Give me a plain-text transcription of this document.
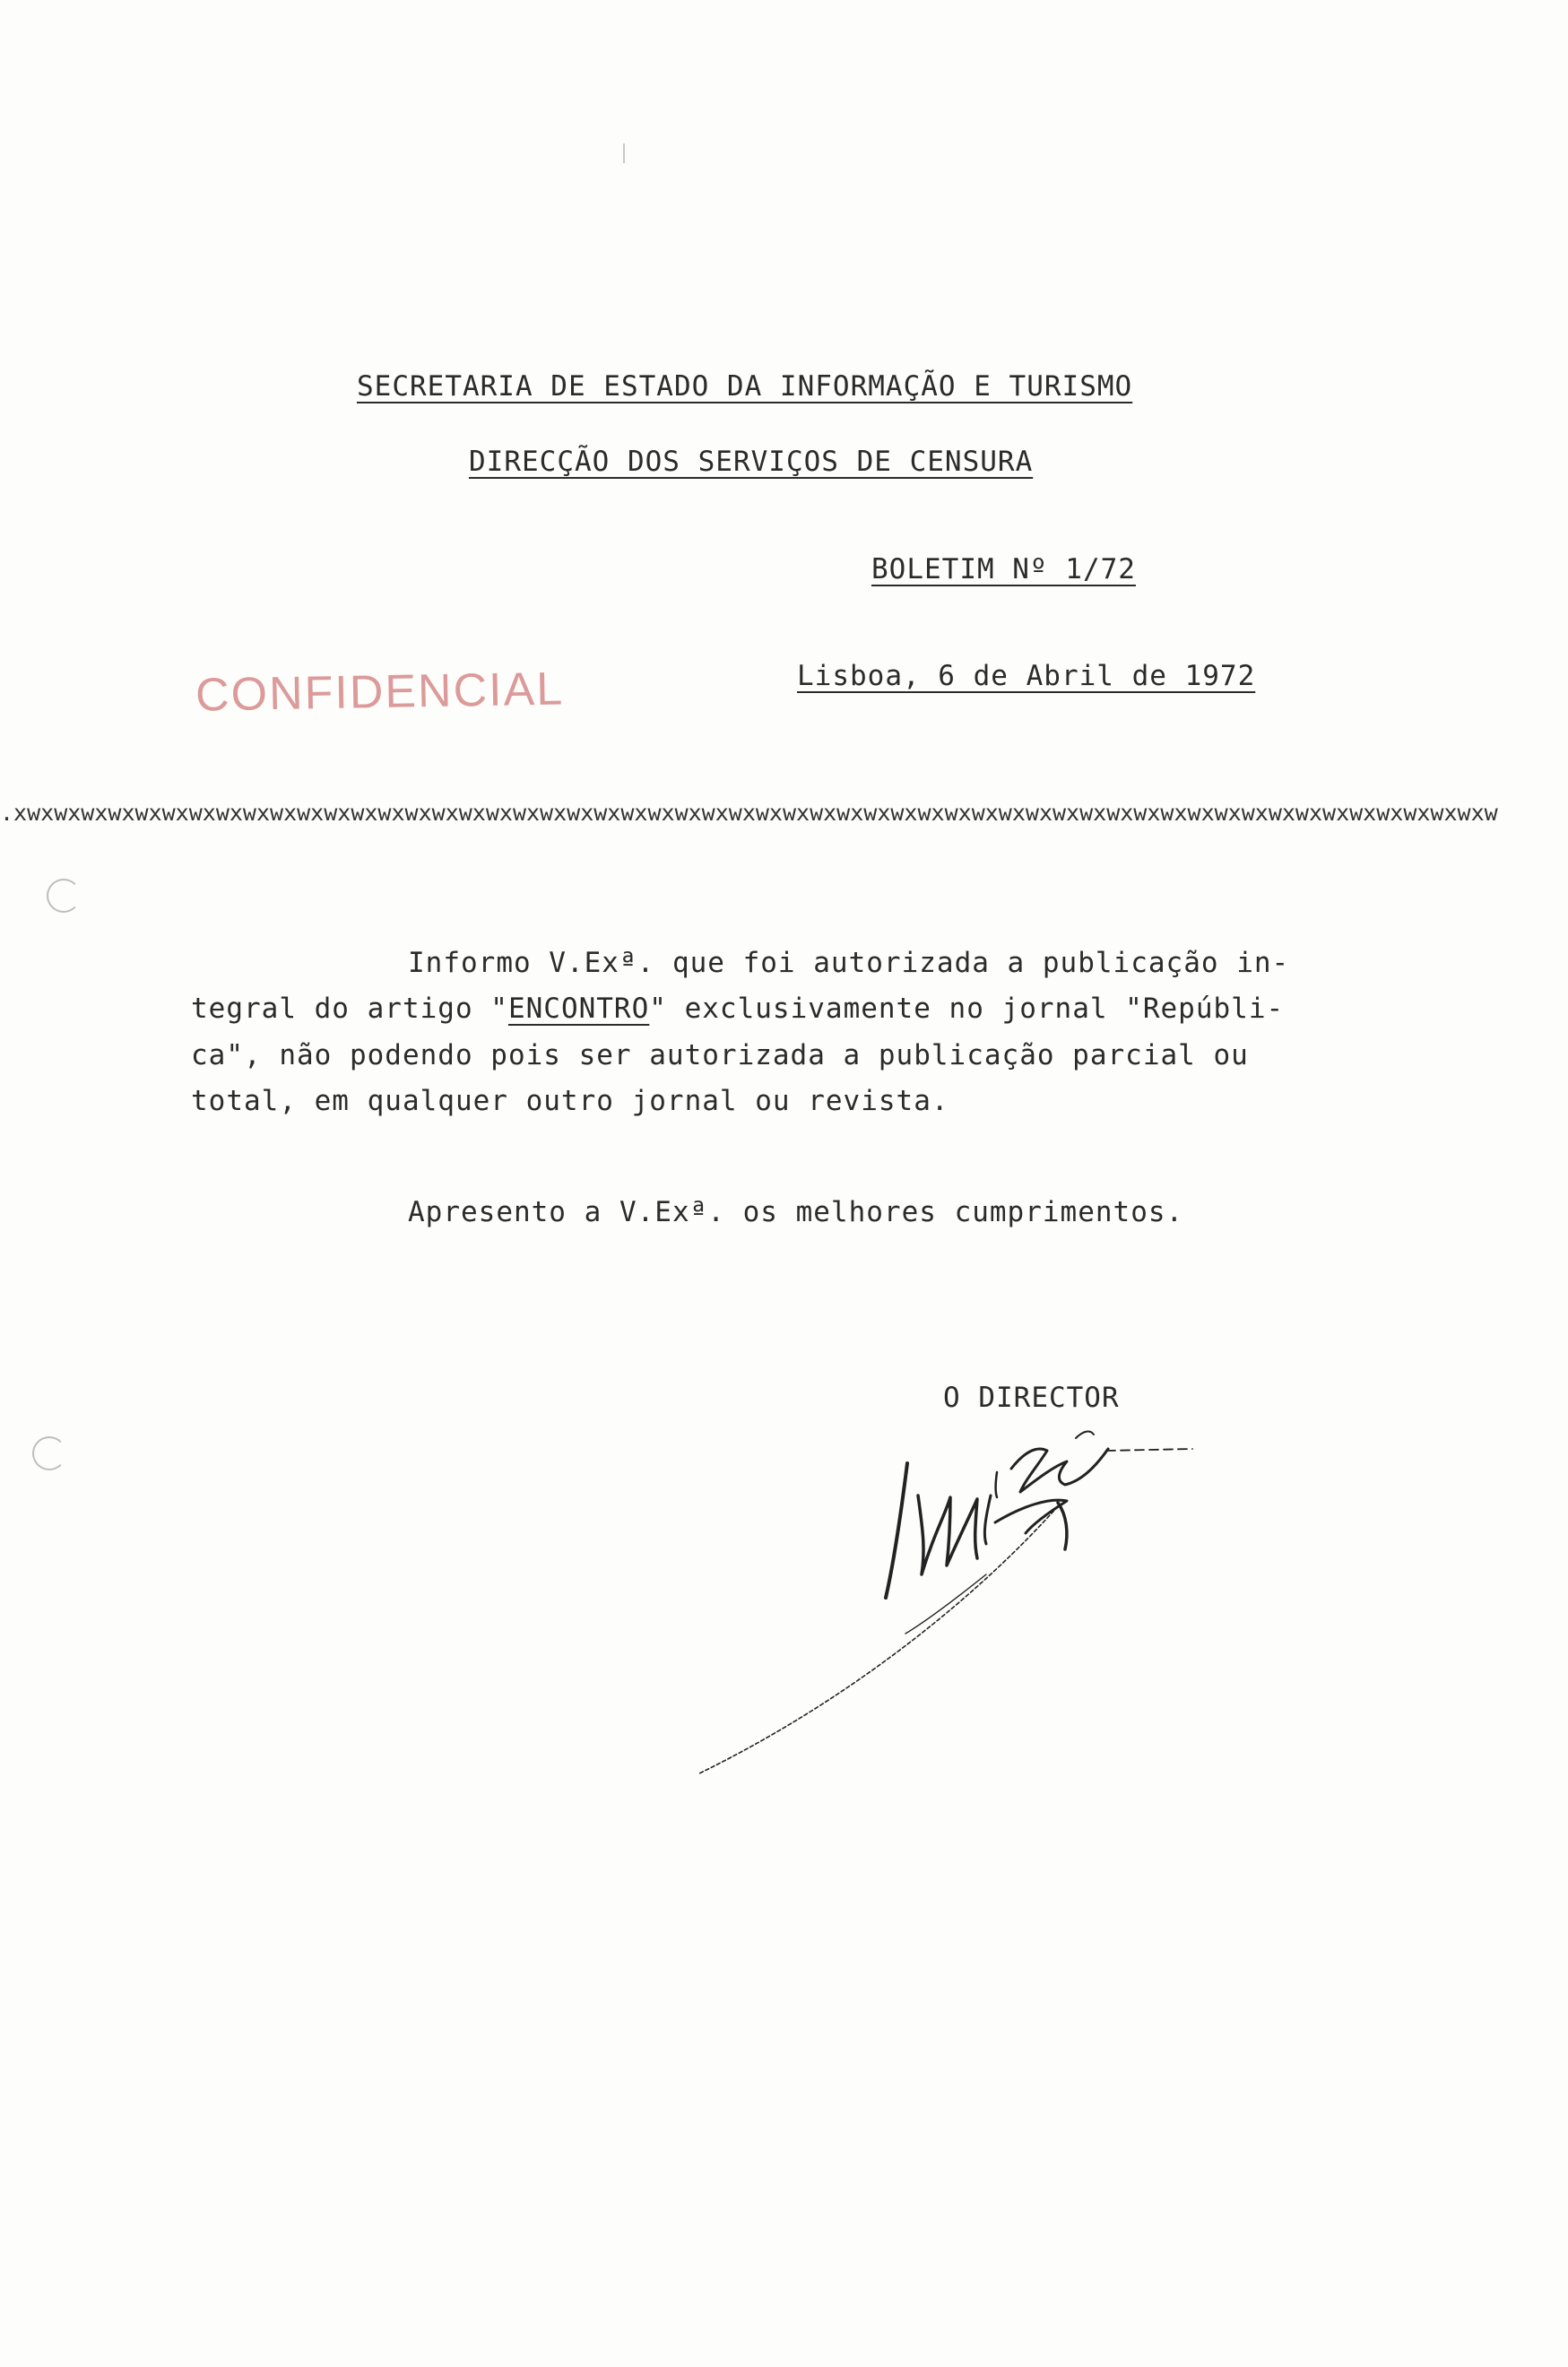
SECRETARIA DE ESTADO DA INFORMAÇÃO E TURISMO
DIRECÇÃO DOS SERVIÇOS DE CENSURA
BOLETIM Nº 1/72
Lisboa, 6 de Abril de 1972
CONFIDENCIAL
.xwxwxwxwxwxwxwxwxwxwxwxwxwxwxwxwxwxwxwxwxwxwxwxwxwxwxwxwxwxwxwxwxwxwxwxwxwxwxwxwxwxwxwxwxwxwxwxwxwxwxwxwxwxwxw
Informo V.Exª. que foi autorizada a publicação in-
tegral do artigo "ENCONTRO" exclusivamente no jornal "Repúbli-
ca", não podendo pois ser autorizada a publicação parcial ou
total, em qualquer outro jornal ou revista.
Apresento a V.Exª. os melhores cumprimentos.
O DIRECTOR
